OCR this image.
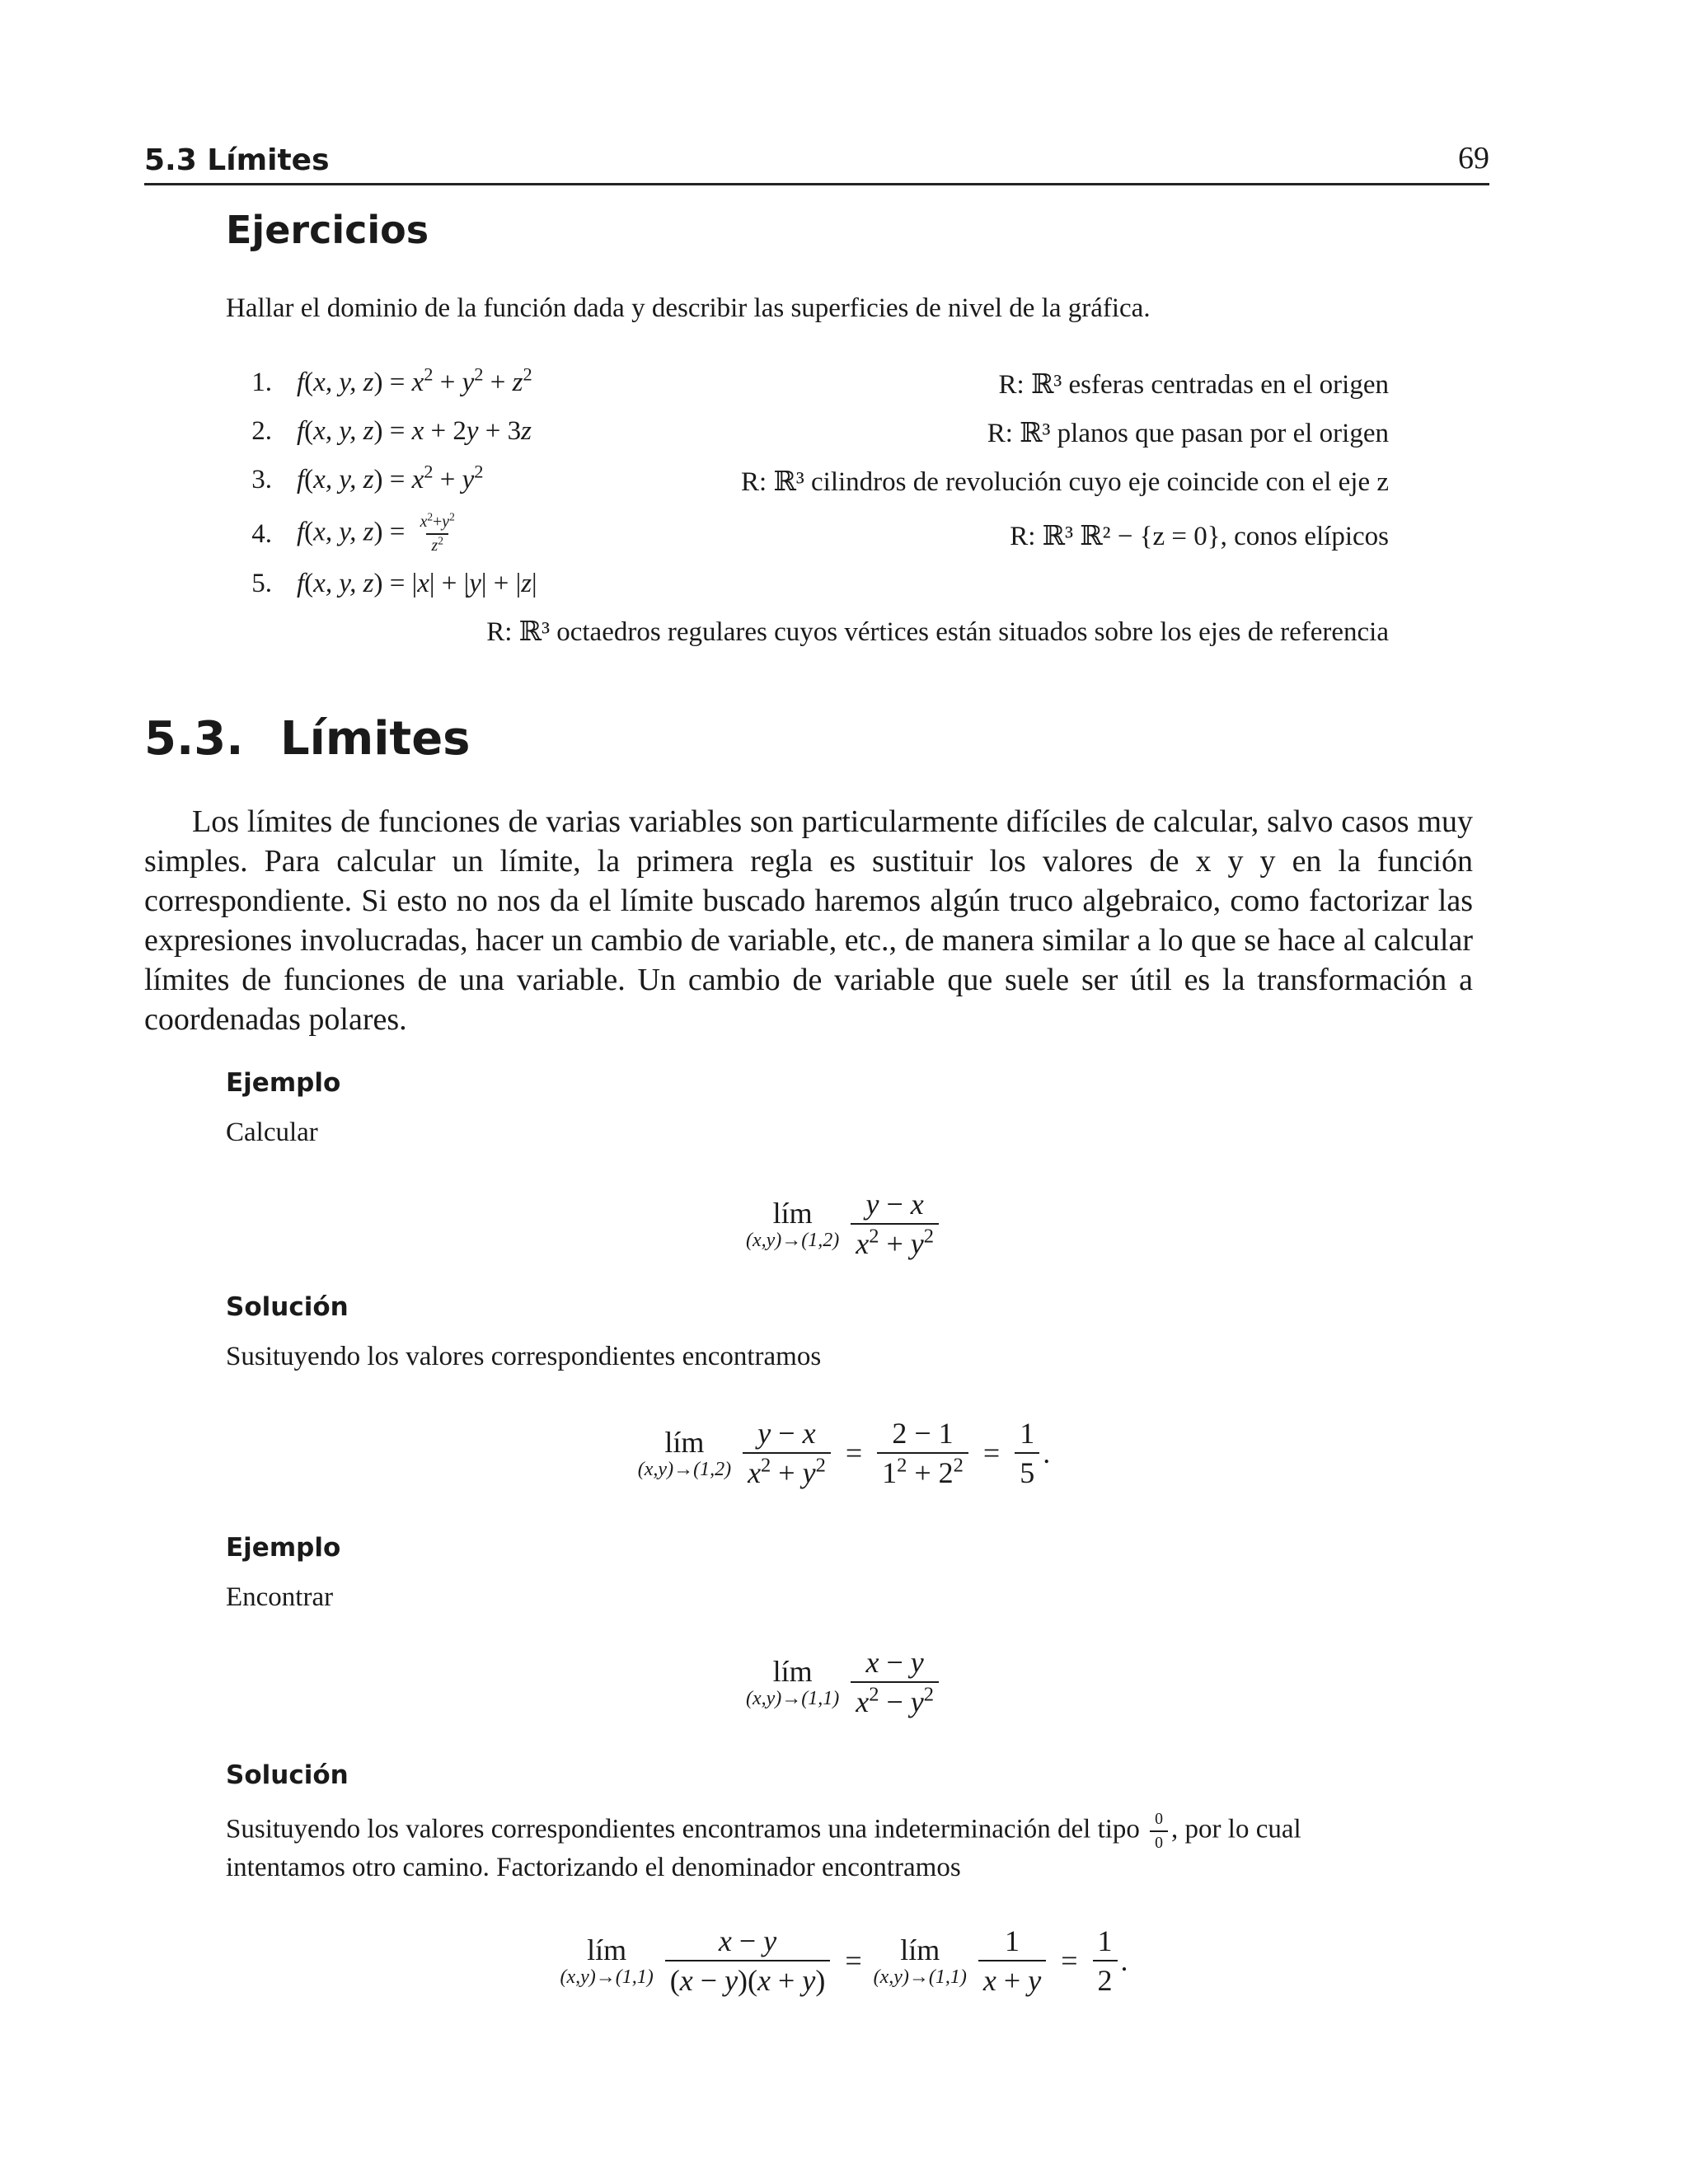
5.3 Límites	69
Ejercicios
Hallar el dominio de la función dada y describir las superficies de nivel de la gráfica.
1. f(x, y, $z) = x^2 + y^2 + z^2$	R: ℝ³ esferas centradas en el origen
2. f(x, y, z) = x + 2y + 3z	R: ℝ³ planos que pasan por el origen
3. f(x, y, $z) = x^2 + y^2$	R: ℝ³ cilindros de revolución cuyo eje coincide con el eje z
4. f(x, y, $z) = \frac{x^2+y^2}{z^2}$	R: ℝ³ ℝ² − {z = 0}, conos elípicos
5. f(x, y, z) = |x| + |y| + |z|
R: ℝ³ octaedros regulares cuyos vértices están situados sobre los ejes de referencia
5.3. Límites
Los límites de funciones de varias variables son particularmente difíciles de calcular, salvo casos muy simples. Para calcular un límite, la primera regla es sustituir los valores de x y y en la función correspondiente. Si esto no nos da el límite buscado haremos algún truco algebraico, como factorizar las expresiones involucradas, hacer un cambio de variable, etc., de manera similar a lo que se hace al calcular límites de funciones de una variable. Un cambio de variable que suele ser útil es la transformación a coordenadas polares.
Ejemplo
Calcular
lím
$(x,y)\to(1,2) \frac{y - x}{x^2 + y^2}$
Solución
Susituyendo los valores correspondientes encontramos
lím
$(x,y)\to(1,2) \frac{y - x}{x^2 + y^2} = \frac{2 - 1}{1^2 + 2^2} = \frac{1}{5}$ .
Ejemplo
Encontrar
lím
$(x,y)\to(1,1) \frac{x - y}{x^2 - y^2}$
Solución
Susituyendo los valores correspondientes encontramos una indeterminación del tipo $\frac{0}{0}$ , por lo cual
intentamos otro camino. Factorizando el denominador encontramos
lím
$(x,y)\to(1,1) \frac{x - y}{(x - y)(x + y)}$ = lím
$(x,y)\to(1,1) \frac{1}{x + y} = \frac{1}{2}$ .
